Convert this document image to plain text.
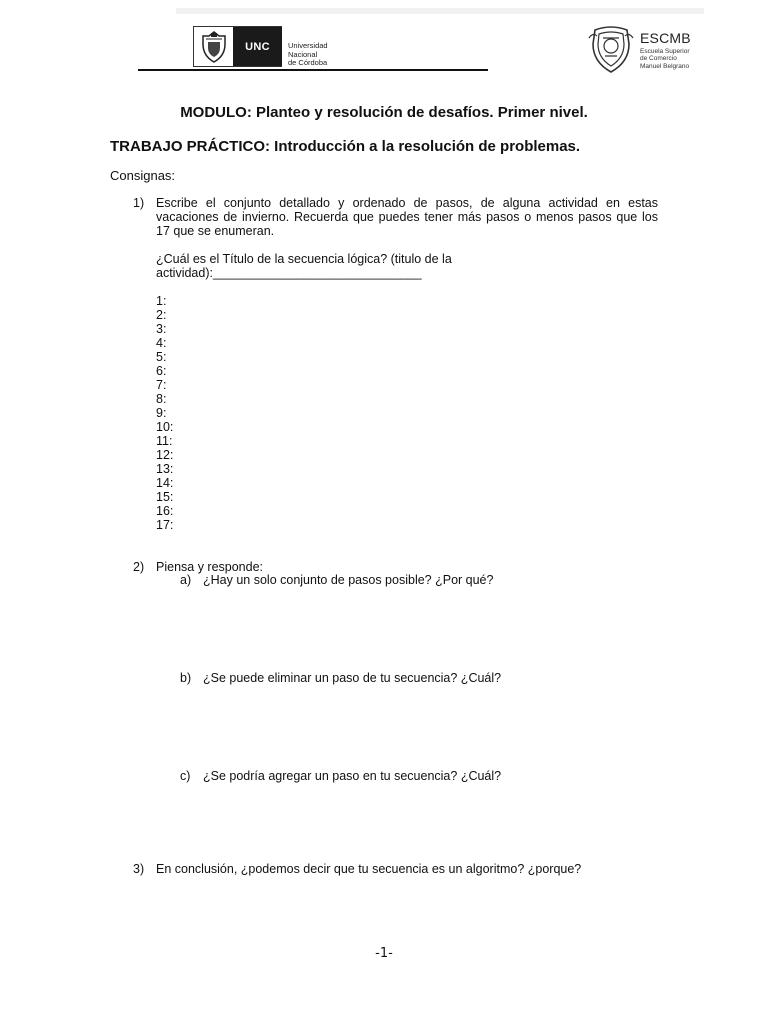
UNC	Universidad
Nacional
de Córdoba
ESCMB
Escuela Superior
de Comercio
Manuel Belgrano
MODULO: Planteo y resolución de desafíos. Primer nivel.
TRABAJO PRÁCTICO: Introducción a la resolución de problemas.
Consignas:
1) Escribe el conjunto detallado y ordenado de pasos, de alguna actividad en estas vacaciones de invierno. Recuerda que puedes tener más pasos o menos pasos que los 17 que se enumeran.
¿Cuál es el Título de la secuencia lógica? (titulo de la
actividad):______________________________
1:
2:
3:
4:
5:
6:
7:
8:
9:
10:
11:
12:
13:
14:
15:
16:
17:
2) Piensa y responde:
a) ¿Hay un solo conjunto de pasos posible? ¿Por qué?
b) ¿Se puede eliminar un paso de tu secuencia? ¿Cuál?
c) ¿Se podría agregar un paso en tu secuencia? ¿Cuál?
3) En conclusión, ¿podemos decir que tu secuencia es un algoritmo? ¿porque?
-1-
